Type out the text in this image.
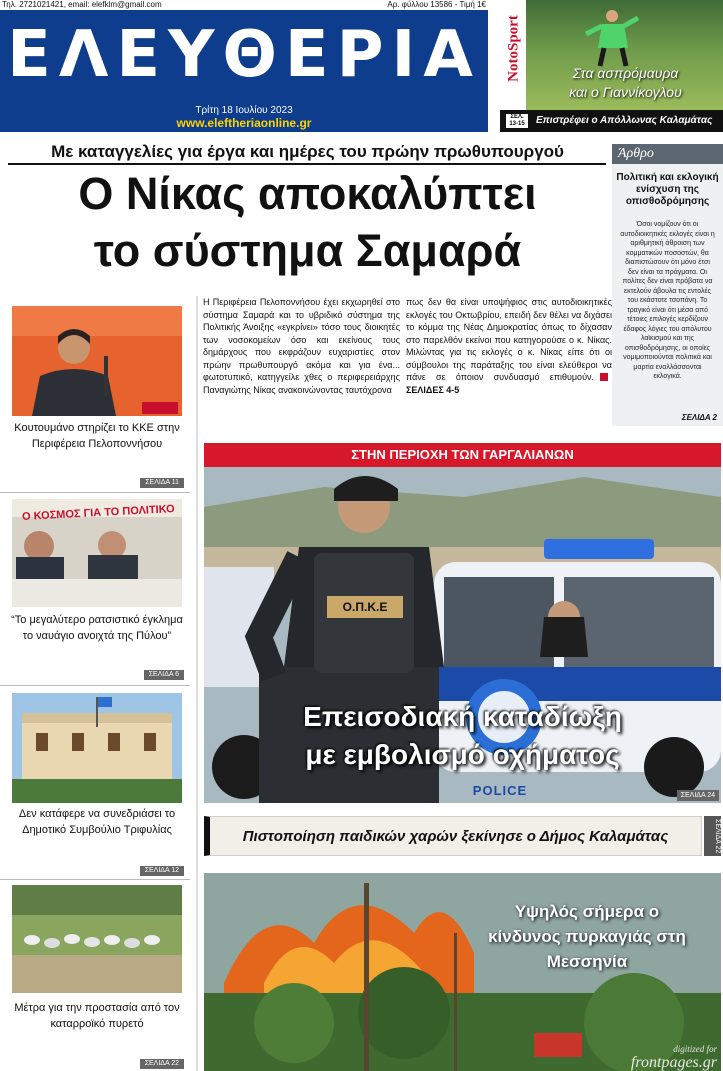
Τηλ. 2721021421, email: elefklm@gmail.com	Αρ. φύλλου 13586 - Τιμή 1€
ΕΛΕΥΘΕΡΙΑ
Τρίτη 18 Ιουλίου 2023
www.eleftheriaonline.gr
NotoSport	Στα ασπρόμαυρα
και ο Γιαννίκογλου
ΣΕΛ. 13-15	Επιστρέφει ο Απόλλωνας Καλαμάτας
Με καταγγελίες για έργα και ημέρες του πρώην πρωθυπουργού
Ο Νίκας αποκαλύπτει
το σύστημα Σαμαρά
Άρθρο
Πολιτική και εκλογική ενίσχυση της οπισθοδρόμησης
Όσοι νομίζουν ότι οι αυτοδιοικητικές εκλογές είναι η αριθμητική άθροιση των κομματικών ποσοστών, θα διαπιστώσουν ότι μόνο έτσι δεν είναι τα πράγματα. Οι πολίτες δεν είναι πρόβατα να εκτελούν άβουλα τις εντολές του εκάστοτε τσοπάνη. Το τραγικό είναι ότι μέσα από τέτοιες επιλογές κερδίζουν έδαφος λόγιες του απόλυτου λαϊκισμού και της οπισθοδρόμησης, οι οποίες νομιμοποιούνται πολιτικά και μαρτία εναλλάσσονται εκλογικά.
ΣΕΛΙΔΑ 2
Η Περιφέρεια Πελοποννήσου έχει εκχωρηθεί στο σύστημα Σαμαρά και το υβριδικό σύστημα της Πολιτικής Άνοιξης «εγκρίνει» τόσο τους διοικητές των νοσοκομείων όσο και εκείνους τους δημάρχους που εκφράζουν ευχαριστίες στον πρώην πρωθυπουργό ακόμα και για ένα... φωτοτυπικό, κατηγγείλε χθες ο περιφερειάρχης Παναγιώτης Νίκας ανακοινώνοντας ταυτόχρονα
πως δεν θα είναι υποψήφιος στις αυτοδιοικητικές εκλογές του Οκτωβρίου, επειδή δεν θέλει να διχάσει το κόμμα της Νέας Δημοκρατίας όπως το δίχασαν στο παρελθόν εκείνοι που κατηγορούσε ο κ. Νίκας. Μιλώντας για τις εκλογές ο κ. Νίκας είπε ότι οι σύμβουλοι της παράταξης του είναι ελεύθεροι να πάνε σε όποιον συνδυασμό επιθυμούν.ΣΕΛΙΔΕΣ 4-5
Κουτουμάνο στηρίζει το ΚΚΕ στην Περιφέρεια Πελοποννήσου
ΣΕΛΙΔΑ 11
Ο ΚΟΣΜΟΣ ΓΙΑ ΤΟ ΠΟΛΙΤΙΚΟ
“Το μεγαλύτερο ρατσιστικό έγκλημα το ναυάγιο ανοιχτά της Πύλου”
ΣΕΛΙΔΑ 6
Δεν κατάφερε να συνεδριάσει το Δημοτικό Συμβούλιο Τριφυλίας
ΣΕΛΙΔΑ 12
Μέτρα για την προστασία από τον καταρροϊκό πυρετό
ΣΕΛΙΔΑ 22
ΣΤΗΝ ΠΕΡΙΟΧΗ ΤΩΝ ΓΑΡΓΑΛΙΑΝΩΝ
Ο.Π.Κ.Ε
POLICE
Επεισοδιακή καταδίωξη
με εμβολισμό οχήματος
ΣΕΛΙΔΑ 24
Πιστοποίηση παιδικών χαρών ξεκίνησε ο Δήμος Καλαμάτας	ΣΕΛΙΔΑ 22
Υψηλός σήμερα ο κίνδυνος πυρκαγιάς στη Μεσσηνία
digitized for
frontpages.gr
